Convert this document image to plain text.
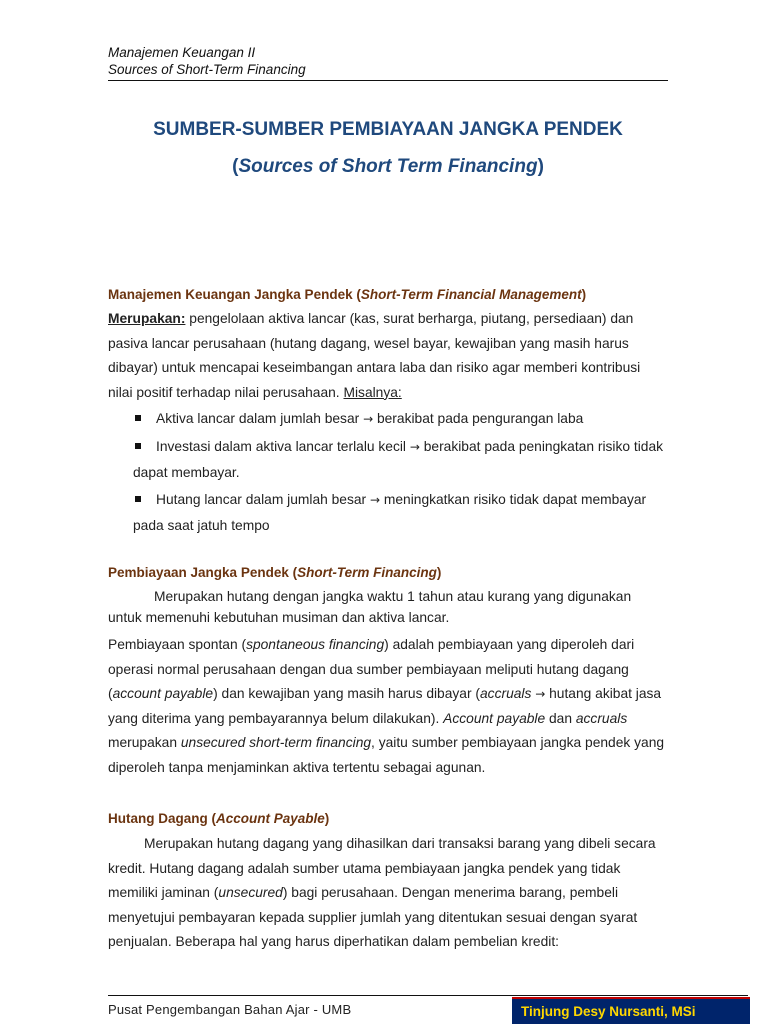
Manajemen Keuangan II
Sources of Short-Term Financing
SUMBER-SUMBER PEMBIAYAAN JANGKA PENDEK
(Sources of Short Term Financing)
Manajemen Keuangan Jangka Pendek (Short-Term Financial Management)
Merupakan: pengelolaan aktiva lancar (kas, surat berharga, piutang, persediaan) dan pasiva lancar perusahaan (hutang dagang, wesel bayar, kewajiban yang masih harus dibayar) untuk mencapai keseimbangan antara laba dan risiko agar memberi kontribusi nilai positif terhadap nilai perusahaan. Misalnya:
Aktiva lancar dalam jumlah besar → berakibat pada pengurangan laba
Investasi dalam aktiva lancar terlalu kecil → berakibat pada peningkatan risiko tidak dapat membayar.
Hutang lancar dalam jumlah besar → meningkatkan risiko tidak dapat membayar pada saat jatuh tempo
Pembiayaan Jangka Pendek (Short-Term Financing)
Merupakan hutang dengan jangka waktu 1 tahun atau kurang yang digunakan untuk memenuhi kebutuhan musiman dan aktiva lancar.
Pembiayaan spontan (spontaneous financing) adalah pembiayaan yang diperoleh dari operasi normal perusahaan dengan dua sumber pembiayaan meliputi hutang dagang (account payable) dan kewajiban yang masih harus dibayar (accruals → hutang akibat jasa yang diterima yang pembayarannya belum dilakukan). Account payable dan accruals merupakan unsecured short-term financing, yaitu sumber pembiayaan jangka pendek yang diperoleh tanpa menjaminkan aktiva tertentu sebagai agunan.
Hutang Dagang (Account Payable)
Merupakan hutang dagang yang dihasilkan dari transaksi barang yang dibeli secara kredit. Hutang dagang adalah sumber utama pembiayaan jangka pendek yang tidak memiliki jaminan (unsecured) bagi perusahaan. Dengan menerima barang, pembeli menyetujui pembayaran kepada supplier jumlah yang ditentukan sesuai dengan syarat penjualan. Beberapa hal yang harus diperhatikan dalam pembelian kredit:
Pusat Pengembangan Bahan Ajar - UMB	Tinjung Desy Nursanti, MSi
